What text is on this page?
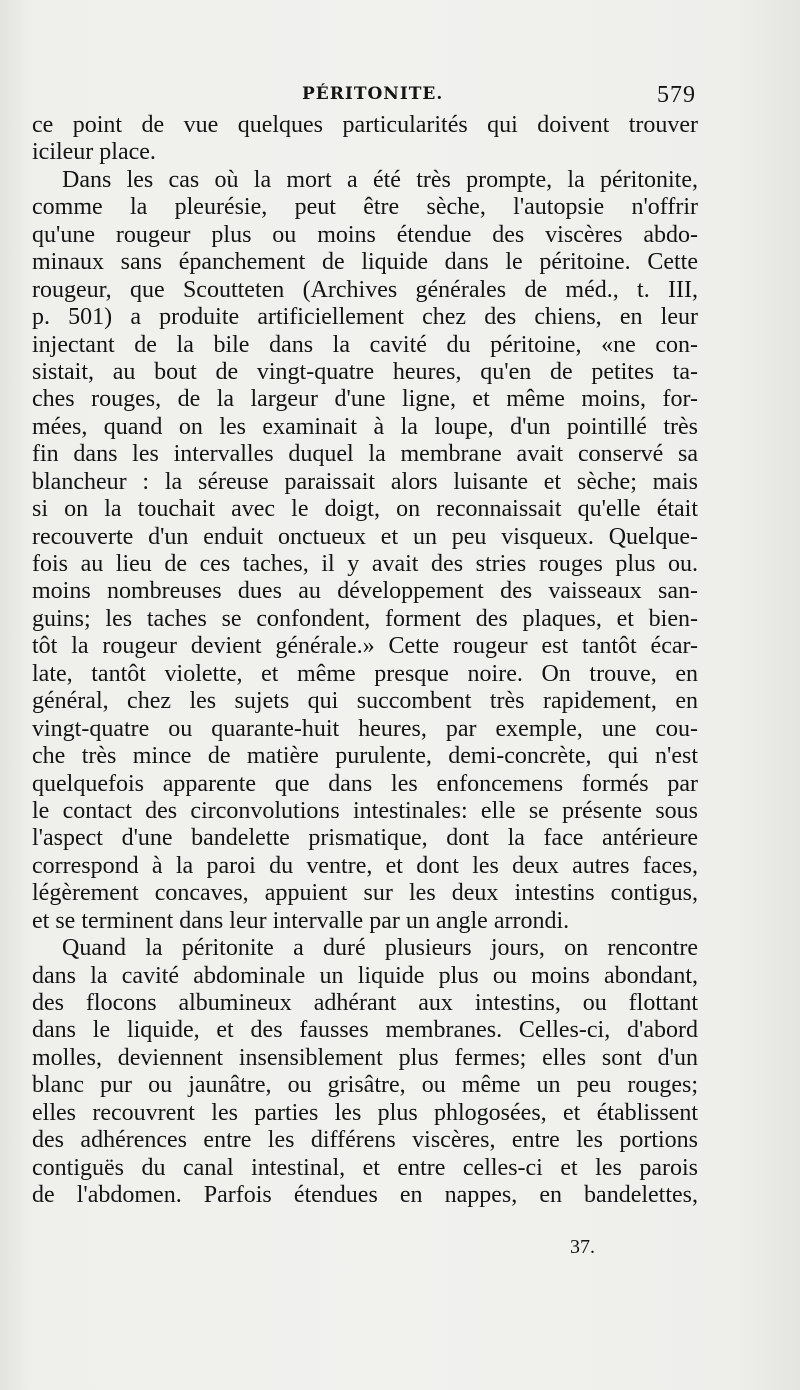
PÉRITONITE.	579
ce point de vue quelques particularités qui doivent trouver
icileur place.
Dans les cas où la mort a été très prompte, la péritonite,
comme la pleurésie, peut être sèche, l'autopsie n'offrir
qu'une rougeur plus ou moins étendue des viscères abdo-
minaux sans épanchement de liquide dans le péritoine. Cette
rougeur, que Scoutteten (Archives générales de méd., t. III,
p. 501) a produite artificiellement chez des chiens, en leur
injectant de la bile dans la cavité du péritoine, «ne con-
sistait, au bout de vingt-quatre heures, qu'en de petites ta-
ches rouges, de la largeur d'une ligne, et même moins, for-
mées, quand on les examinait à la loupe, d'un pointillé très
fin dans les intervalles duquel la membrane avait conservé sa
blancheur : la séreuse paraissait alors luisante et sèche; mais
si on la touchait avec le doigt, on reconnaissait qu'elle était
recouverte d'un enduit onctueux et un peu visqueux. Quelque-
fois au lieu de ces taches, il y avait des stries rouges plus ou.
moins nombreuses dues au développement des vaisseaux san-
guins; les taches se confondent, forment des plaques, et bien-
tôt la rougeur devient générale.» Cette rougeur est tantôt écar-
late, tantôt violette, et même presque noire. On trouve, en
général, chez les sujets qui succombent très rapidement, en
vingt-quatre ou quarante-huit heures, par exemple, une cou-
che très mince de matière purulente, demi-concrète, qui n'est
quelquefois apparente que dans les enfoncemens formés par
le contact des circonvolutions intestinales: elle se présente sous
l'aspect d'une bandelette prismatique, dont la face antérieure
correspond à la paroi du ventre, et dont les deux autres faces,
légèrement concaves, appuient sur les deux intestins contigus,
et se terminent dans leur intervalle par un angle arrondi.
Quand la péritonite a duré plusieurs jours, on rencontre
dans la cavité abdominale un liquide plus ou moins abondant,
des flocons albumineux adhérant aux intestins, ou flottant
dans le liquide, et des fausses membranes. Celles-ci, d'abord
molles, deviennent insensiblement plus fermes; elles sont d'un
blanc pur ou jaunâtre, ou grisâtre, ou même un peu rouges;
elles recouvrent les parties les plus phlogosées, et établissent
des adhérences entre les différens viscères, entre les portions
contiguës du canal intestinal, et entre celles-ci et les parois
de l'abdomen. Parfois étendues en nappes, en bandelettes,
37.
